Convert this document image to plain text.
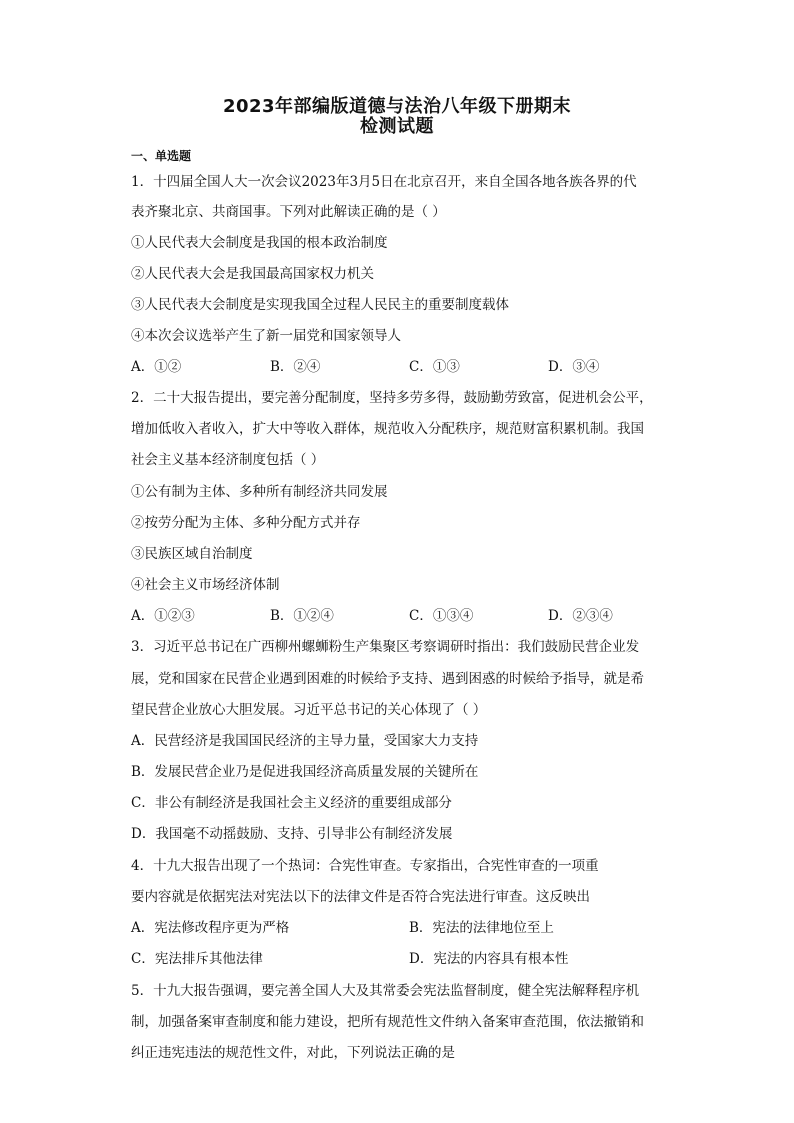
2023年部编版道德与法治八年级下册期末
检测试题
一、单选题
1．十四届全国人大一次会议2023年3月5日在北京召开，来自全国各地各族各界的代
表齐聚北京、共商国事。下列对此解读正确的是（ ）
①人民代表大会制度是我国的根本政治制度
②人民代表大会是我国最高国家权力机关
③人民代表大会制度是实现我国全过程人民民主的重要制度载体
④本次会议选举产生了新一届党和国家领导人
A．①②	B．②④	C．①③	D．③④
2．二十大报告提出，要完善分配制度，坚持多劳多得，鼓励勤劳致富，促进机会公平，
增加低收入者收入，扩大中等收入群体，规范收入分配秩序，规范财富积累机制。我国
社会主义基本经济制度包括（ ）
①公有制为主体、多种所有制经济共同发展
②按劳分配为主体、多种分配方式并存
③民族区域自治制度
④社会主义市场经济体制
A．①②③	B．①②④	C．①③④	D．②③④
3．习近平总书记在广西柳州螺蛳粉生产集聚区考察调研时指出：我们鼓励民营企业发
展，党和国家在民营企业遇到困难的时候给予支持、遇到困惑的时候给予指导，就是希
望民营企业放心大胆发展。习近平总书记的关心体现了（ ）
A．民营经济是我国国民经济的主导力量，受国家大力支持
B．发展民营企业乃是促进我国经济高质量发展的关键所在
C．非公有制经济是我国社会主义经济的重要组成部分
D．我国毫不动摇鼓励、支持、引导非公有制经济发展
4．十九大报告出现了一个热词：合宪性审查。专家指出，合宪性审查的一项重
要内容就是依据宪法对宪法以下的法律文件是否符合宪法进行审查。这反映出
A．宪法修改程序更为严格	B．宪法的法律地位至上
C．宪法排斥其他法律	D．宪法的内容具有根本性
5．十九大报告强调，要完善全国人大及其常委会宪法监督制度，健全宪法解释程序机
制，加强备案审查制度和能力建设，把所有规范性文件纳入备案审查范围，依法撤销和
纠正违宪违法的规范性文件，对此，下列说法正确的是
